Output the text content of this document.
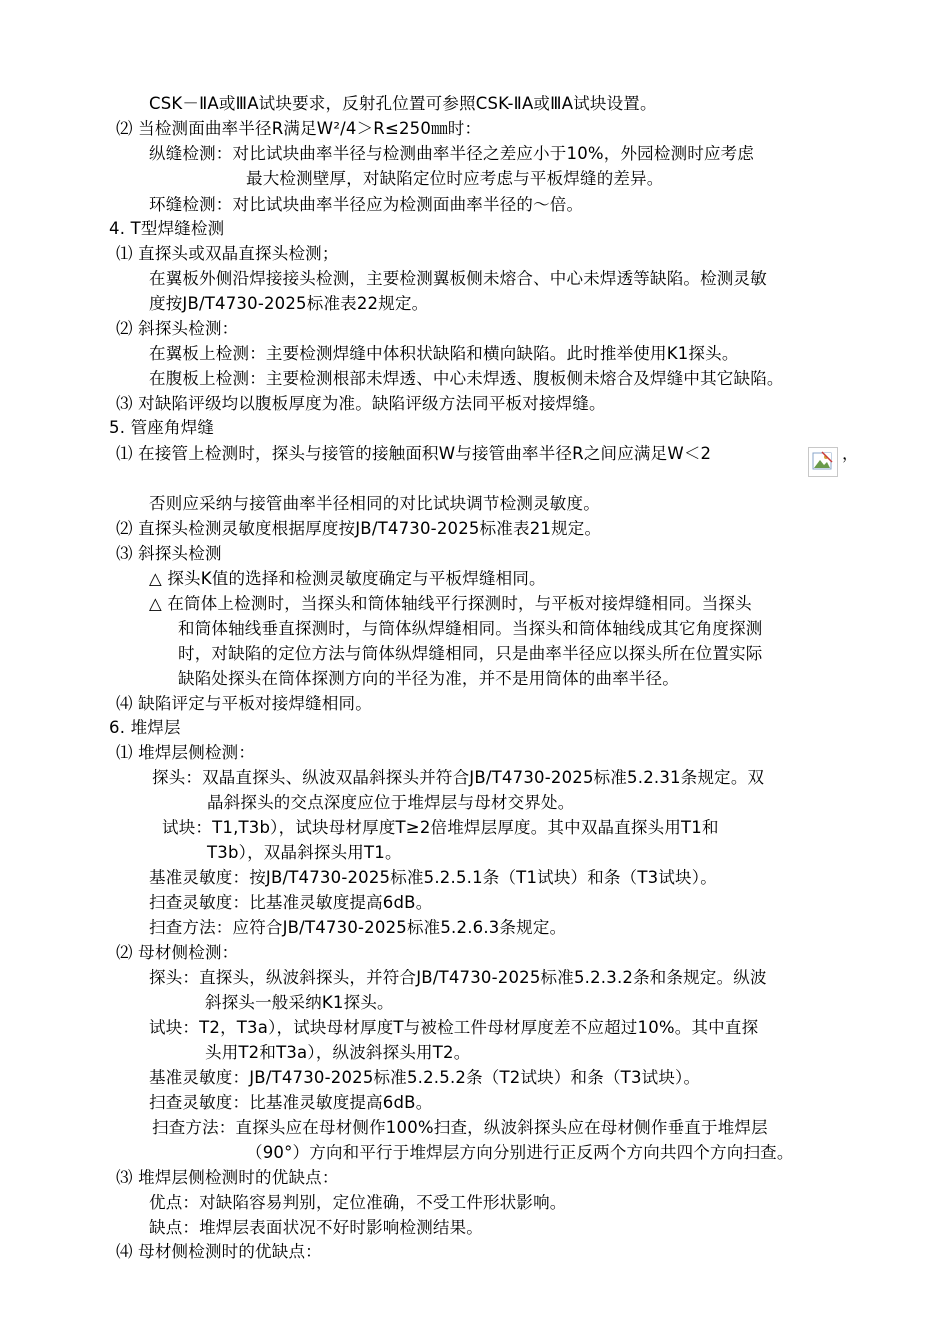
CSK－ⅡA或ⅢA试块要求，反射孔位置可参照CSK-ⅡA或ⅢA试块设置。
⑵ 当检测面曲率半径R满足W²/4＞R≤250㎜时：
纵缝检测：对比试块曲率半径与检测曲率半径之差应小于10%，外园检测时应考虑
最大检测壁厚，对缺陷定位时应考虑与平板焊缝的差异。
环缝检测：对比试块曲率半径应为检测面曲率半径的～倍。
4. T型焊缝检测
⑴ 直探头或双晶直探头检测；
在翼板外侧沿焊接接头检测，主要检测翼板侧未熔合、中心未焊透等缺陷。检测灵敏
度按JB/T4730-2025标准表22规定。
⑵ 斜探头检测：
在翼板上检测：主要检测焊缝中体积状缺陷和横向缺陷。此时推举使用K1探头。
在腹板上检测：主要检测根部未焊透、中心未焊透、腹板侧未熔合及焊缝中其它缺陷。
⑶ 对缺陷评级均以腹板厚度为准。缺陷评级方法同平板对接焊缝。
5. 管座角焊缝
⑴ 在接管上检测时，探头与接管的接触面积W与接管曲率半径R之间应满足W＜2	，
否则应采纳与接管曲率半径相同的对比试块调节检测灵敏度。
⑵ 直探头检测灵敏度根据厚度按JB/T4730-2025标准表21规定。
⑶ 斜探头检测
△ 探头K值的选择和检测灵敏度确定与平板焊缝相同。
△ 在筒体上检测时，当探头和筒体轴线平行探测时，与平板对接焊缝相同。当探头
和筒体轴线垂直探测时，与筒体纵焊缝相同。当探头和筒体轴线成其它角度探测
时，对缺陷的定位方法与筒体纵焊缝相同，只是曲率半径应以探头所在位置实际
缺陷处探头在筒体探测方向的半径为准，并不是用筒体的曲率半径。
⑷ 缺陷评定与平板对接焊缝相同。
6. 堆焊层
⑴ 堆焊层侧检测：
探头：双晶直探头、纵波双晶斜探头并符合JB/T4730-2025标准5.2.31条规定。双
晶斜探头的交点深度应位于堆焊层与母材交界处。
试块：T1,T3b），试块母材厚度T≥2倍堆焊层厚度。其中双晶直探头用T1和
T3b），双晶斜探头用T1。
基准灵敏度：按JB/T4730-2025标准5.2.5.1条（T1试块）和条（T3试块）。
扫查灵敏度：比基准灵敏度提高6dB。
扫查方法：应符合JB/T4730-2025标准5.2.6.3条规定。
⑵ 母材侧检测：
探头：直探头，纵波斜探头，并符合JB/T4730-2025标准5.2.3.2条和条规定。纵波
斜探头一般采纳K1探头。
试块：T2，T3a），试块母材厚度T与被检工件母材厚度差不应超过10%。其中直探
头用T2和T3a），纵波斜探头用T2。
基准灵敏度：JB/T4730-2025标准5.2.5.2条（T2试块）和条（T3试块）。
扫查灵敏度：比基准灵敏度提高6dB。
扫查方法：直探头应在母材侧作100%扫查，纵波斜探头应在母材侧作垂直于堆焊层
（90°）方向和平行于堆焊层方向分别进行正反两个方向共四个方向扫查。
⑶ 堆焊层侧检测时的优缺点：
优点：对缺陷容易判别，定位准确，不受工件形状影响。
缺点：堆焊层表面状况不好时影响检测结果。
⑷ 母材侧检测时的优缺点：
